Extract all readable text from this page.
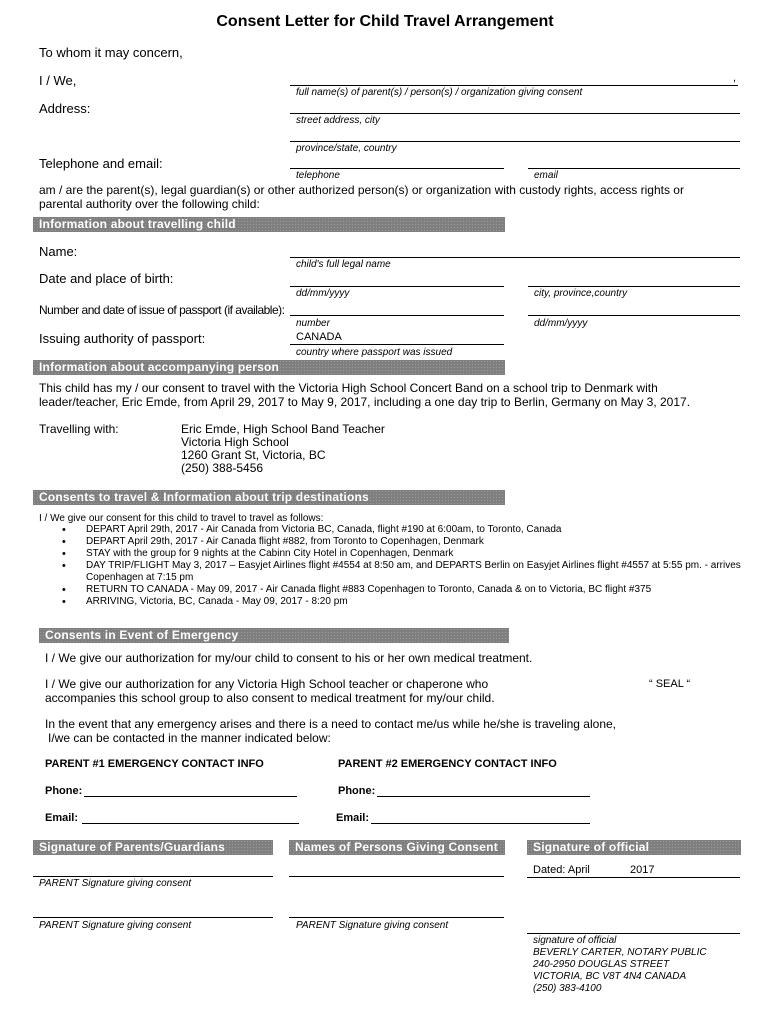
Consent Letter for Child Travel Arrangement
To whom it may concern,
I / We,	,
full name(s) of parent(s) / person(s) / organization giving consent
Address:
street address, city
province/state, country
Telephone and email:
telephone	email
am / are the parent(s), legal guardian(s) or other authorized person(s) or organization with custody rights, access rights or parental authority over the following child:
Information about travelling child
Name:
child's full legal name
Date and place of birth:
dd/mm/yyyy	city, province,country
Number and date of issue of passport (if available):
number	dd/mm/yyyy
Issuing authority of passport:	CANADA
country where passport was issued
Information about accompanying person
This child has my / our consent to travel with the Victoria High School Concert Band on a school trip to Denmark with leader/teacher, Eric Emde, from April 29, 2017 to May 9, 2017, including a one day trip to Berlin, Germany on May 3, 2017.
Travelling with:	Eric Emde, High School Band Teacher
Victoria High School
1260 Grant St, Victoria, BC
(250) 388-5456
Consents to travel & Information about trip destinations
I / We give our consent for this child to travel to travel as follows:
• DEPART April 29th, 2017 - Air Canada from Victoria BC, Canada, flight #190 at 6:00am, to Toronto, Canada
• DEPART April 29th, 2017 - Air Canada flight #882, from Toronto to Copenhagen, Denmark
• STAY with the group for 9 nights at the Cabinn City Hotel in Copenhagen, Denmark
• DAY TRIP/FLIGHT May 3, 2017 – Easyjet Airlines flight #4554 at 8:50 am, and DEPARTS Berlin on Easyjet Airlines flight #4557 at 5:55 pm. - arrives Copenhagen at 7:15 pm
• RETURN TO CANADA - May 09, 2017 - Air Canada flight #883 Copenhagen to Toronto, Canada & on to Victoria, BC flight #375
• ARRIVING, Victoria, BC, Canada - May 09, 2017 - 8:20 pm
Consents in Event of Emergency
I / We give our authorization for my/our child to consent to his or her own medical treatment.
I / We give our authorization for any Victoria High School teacher or chaperone who
accompanies this school group to also consent to medical treatment for my/our child.
“ SEAL “
In the event that any emergency arises and there is a need to contact me/us while he/she is traveling alone,
I/we can be contacted in the manner indicated below:
PARENT #1 EMERGENCY CONTACT INFO	PARENT #2 EMERGENCY CONTACT INFO
Phone:	Phone:
Email:	Email:
Signature of Parents/Guardians	Names of Persons Giving Consent	Signature of official
PARENT Signature giving consent
Dated: April	2017
PARENT Signature giving consent	PARENT Signature giving consent
signature of official
BEVERLY CARTER, NOTARY PUBLIC
240-2950 DOUGLAS STREET
VICTORIA, BC V8T 4N4 CANADA
(250) 383-4100
